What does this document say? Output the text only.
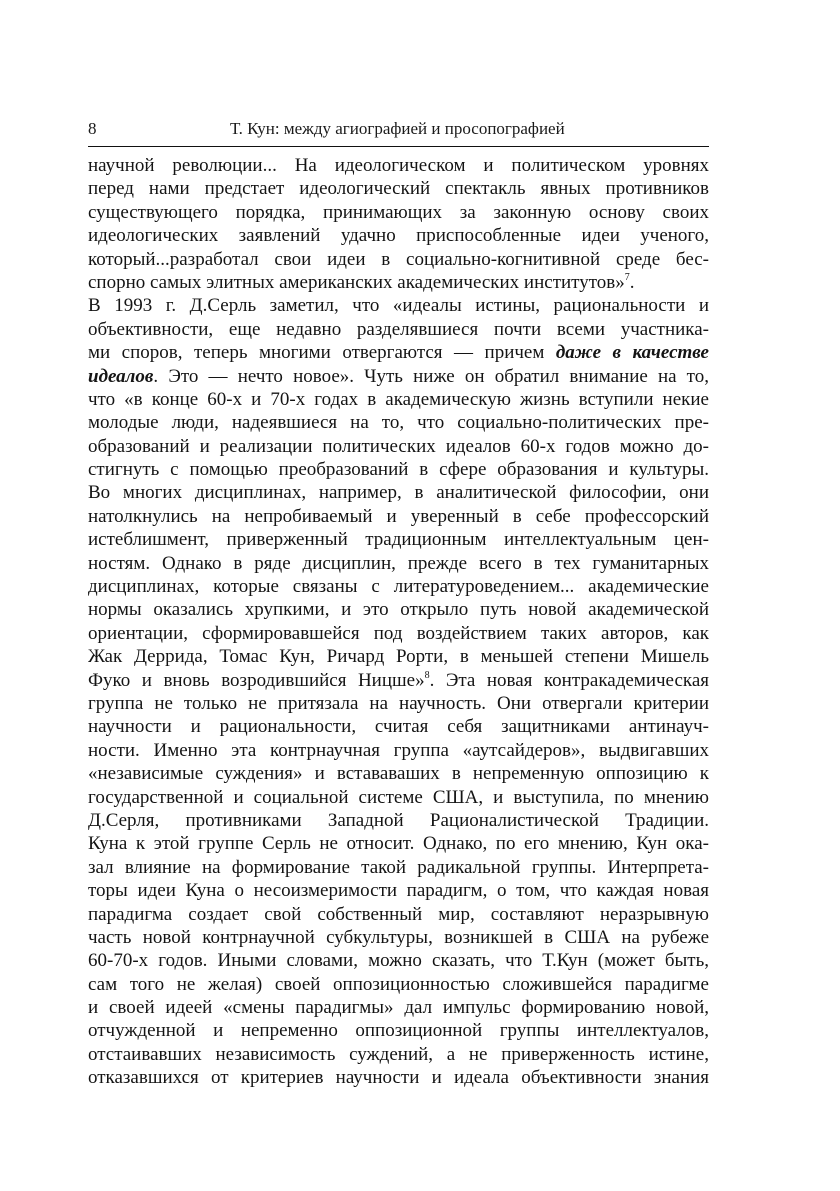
8	Т. Кун: между агиографией и просопографией
научной революции... На идеологическом и политическом уровнях
перед нами предстает идеологический спектакль явных противников
существующего порядка, принимающих за законную основу своих
идеологических заявлений удачно приспособленные идеи ученого,
который...разработал свои идеи в социально-когнитивной среде бес-
спорно самых элитных американских академических институтов»$^7$.
В 1993 г. Д.Серль заметил, что «идеалы истины, рациональности и
объективности, еще недавно разделявшиеся почти всеми участника-
ми споров, теперь многими отвергаются — причем даже в качестве
идеалов. Это — нечто новое». Чуть ниже он обратил внимание на то,
что «в конце 60-х и 70-х годах в академическую жизнь вступили некие
молодые люди, надеявшиеся на то, что социально-политических пре-
образований и реализации политических идеалов 60-х годов можно до-
стигнуть с помощью преобразований в сфере образования и культуры.
Во многих дисциплинах, например, в аналитической философии, они
натолкнулись на непробиваемый и уверенный в себе профессорский
истеблишмент, приверженный традиционным интеллектуальным цен-
ностям. Однако в ряде дисциплин, прежде всего в тех гуманитарных
дисциплинах, которые связаны с литературоведением... академические
нормы оказались хрупкими, и это открыло путь новой академической
ориентации, сформировавшейся под воздействием таких авторов, как
Жак Деррида, Томас Кун, Ричард Рорти, в меньшей степени Мишель
Фуко и вновь возродившийся Ницше»$^8$. Эта новая контракадемическая
группа не только не притязала на научность. Они отвергали критерии
научности и рациональности, считая себя защитниками антинауч-
ности. Именно эта контрнаучная группа «аутсайдеров», выдвигавших
«независимые суждения» и встававаших в непременную оппозицию к
государственной и социальной системе США, и выступила, по мнению
Д.Серля, противниками Западной Рационалистической Традиции.
Куна к этой группе Серль не относит. Однако, по его мнению, Кун ока-
зал влияние на формирование такой радикальной группы. Интерпрета-
торы идеи Куна о несоизмеримости парадигм, о том, что каждая новая
парадигма создает свой собственный мир, составляют неразрывную
часть новой контрнаучной субкультуры, возникшей в США на рубеже
60-70-х годов. Иными словами, можно сказать, что Т.Кун (может быть,
сам того не желая) своей оппозиционностью сложившейся парадигме
и своей идеей «смены парадигмы» дал импульс формированию новой,
отчужденной и непременно оппозиционной группы интеллектуалов,
отстаивавших независимость суждений, а не приверженность истине,
отказавшихся от критериев научности и идеала объективности знания
